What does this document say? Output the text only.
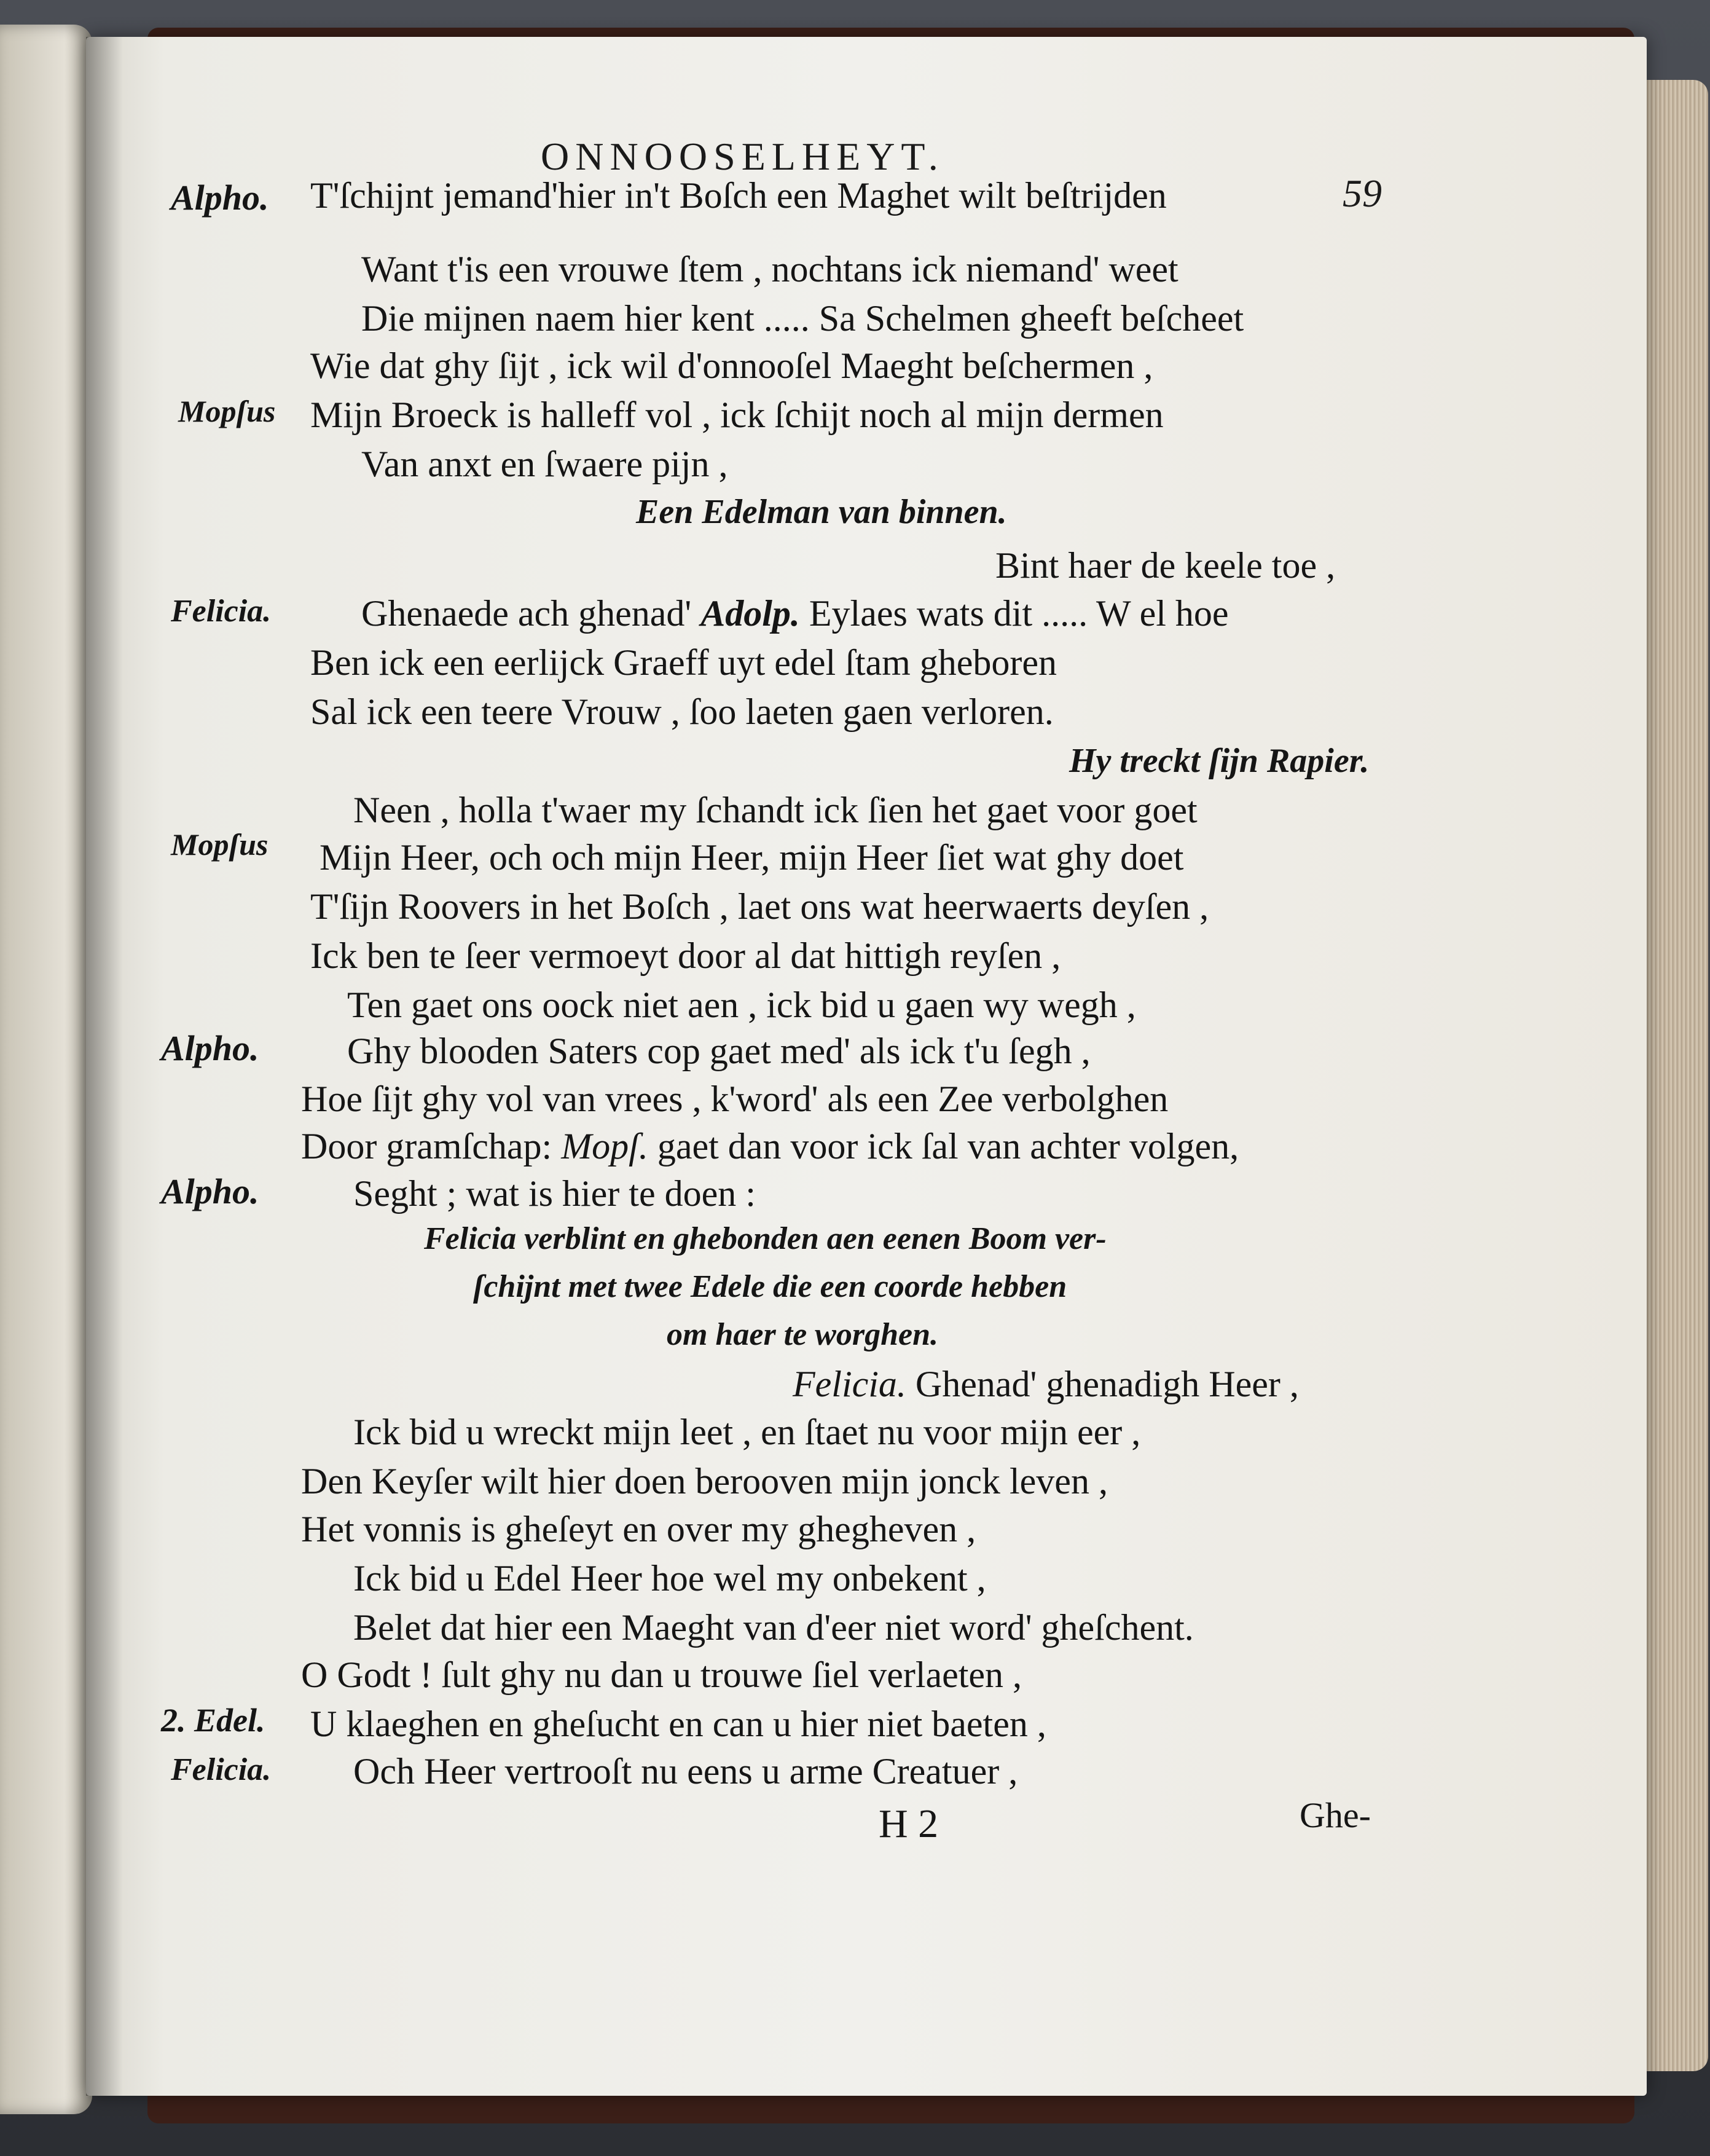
ONNOOSELHEYT.
59
Alpho.
Mopſus
Felicia.
Mopſus
Alpho.
Alpho.
2. Edel.
Felicia.
T'ſchijnt jemand'hier in't Boſch een Maghet wilt beſtrijden
Want t'is een vrouwe ſtem , nochtans ick niemand' weet
Die mijnen naem hier kent ..... Sa Schelmen gheeft beſcheet
Wie dat ghy ſijt , ick wil d'onnooſel Maeght beſchermen ,
Mijn Broeck is halleff vol , ick ſchijt noch al mijn dermen
Van anxt en ſwaere pijn ,
Een Edelman van binnen.
Bint haer de keele toe ,
Ghenaede ach ghenad' Adolp. Eylaes wats dit ..... W el hoe
Ben ick een eerlijck Graeff uyt edel ſtam gheboren
Sal ick een teere Vrouw , ſoo laeten gaen verloren.
Hy treckt ſijn Rapier.
Neen , holla t'waer my ſchandt ick ſien het gaet voor goet
Mijn Heer, och och mijn Heer, mijn Heer ſiet wat ghy doet
T'ſijn Roovers in het Boſch , laet ons wat heerwaerts deyſen ,
Ick ben te ſeer vermoeyt door al dat hittigh reyſen ,
Ten gaet ons oock niet aen , ick bid u gaen wy wegh ,
Ghy blooden Saters cop gaet med' als ick t'u ſegh ,
Hoe ſijt ghy vol van vrees , k'word' als een Zee verbolghen
Door gramſchap: Mopſ. gaet dan voor ick ſal van achter volgen,
Seght ; wat is hier te doen :
Felicia verblint en ghebonden aen eenen Boom ver-
ſchijnt met twee Edele die een coorde hebben
om haer te worghen.
Felicia. Ghenad' ghenadigh Heer ,
Ick bid u wreckt mijn leet , en ſtaet nu voor mijn eer ,
Den Keyſer wilt hier doen berooven mijn jonck leven ,
Het vonnis is gheſeyt en over my ghegheven ,
Ick bid u Edel Heer hoe wel my onbekent ,
Belet dat hier een Maeght van d'eer niet word' gheſchent.
O Godt ! ſult ghy nu dan u trouwe ſiel verlaeten ,
U klaeghen en gheſucht en can u hier niet baeten ,
Och Heer vertrooſt nu eens u arme Creatuer ,
H 2	Ghe-
